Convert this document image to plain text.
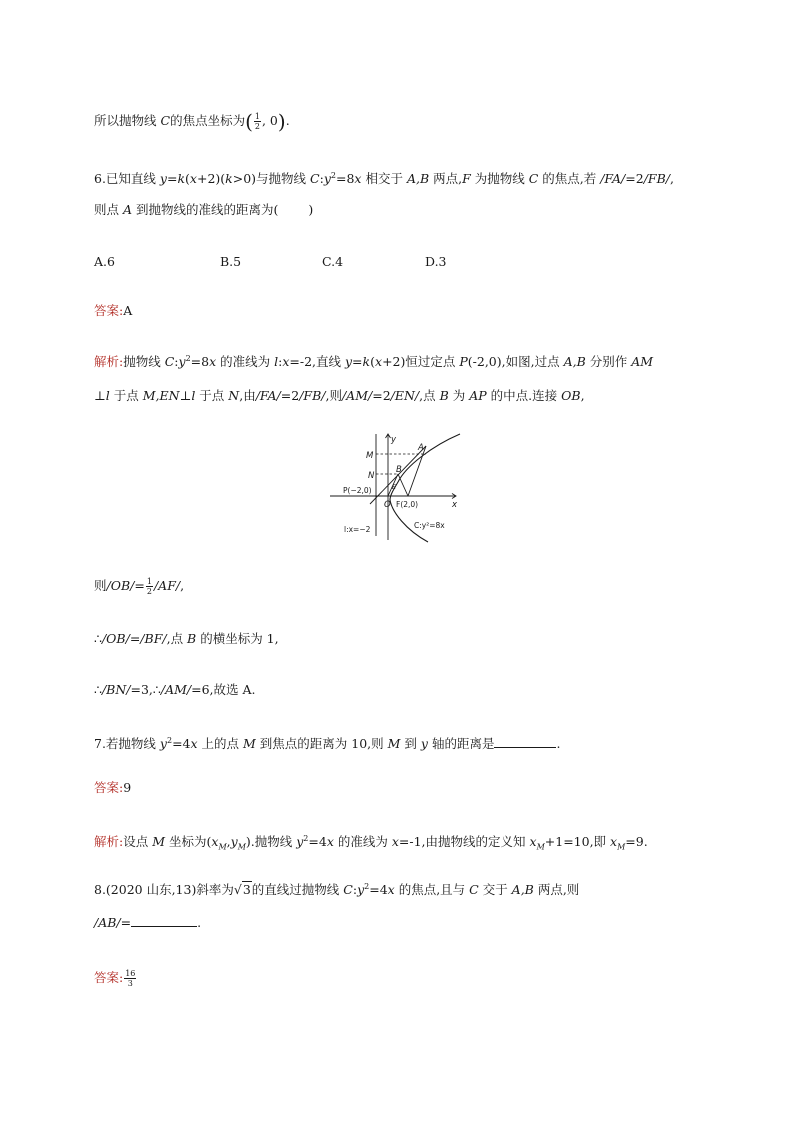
所以抛物线 C的焦点坐标为( $\frac{1}{2}$ , 0).
6.已知直线 y=k(x+2)(k>0)与抛物线 $C:y^2=8x$ 相交于 A,B 两点,F 为抛物线 C 的焦点,若 /FA/=2/FB/,
则点 A 到抛物线的准线的距离为( )
A.6	B.5	C.4	D.3
答案:A
解析:抛物线 $C:y^2=8x$ 的准线为 l:x=-2,直线 y=k(x+2)恒过定点 P(-2,0),如图,过点 A,B 分别作 AM
⊥l 于点 M,EN⊥l 于点 N,由/FA/=2/FB/,则/AM/=2/EN/,点 B 为 AP 的中点.连接 OB,
y
x
A
M
N
B
P(−2,0)
O
E
F(2,0)
l:x=−2	C:y²=8x
则$/OB/= \frac{1}{2} /AF/$,
∴/OB/=/BF/,点 B 的横坐标为 1,
∴/BN/=3,∴/AM/=6,故选 A.
7.若抛物线 $y^2=4x$ 上的点 M 到焦点的距离为 10,则 M 到 y 轴的距离是	.
答案:9
解析:设点 M 坐标为$(x_M,y_M)$.抛物线 $y^2=4x$ 的准线为 x=-1,由抛物线的定义知 $x_M+1=10$,即 $x_M=9$.
8.(2020 山东,13)斜率为√3的直线过抛物线 $C:y^2=4x$ 的焦点,且与 C 交于 A,B 两点,则
/AB/=	.
答案: $\frac{16}{3}$
